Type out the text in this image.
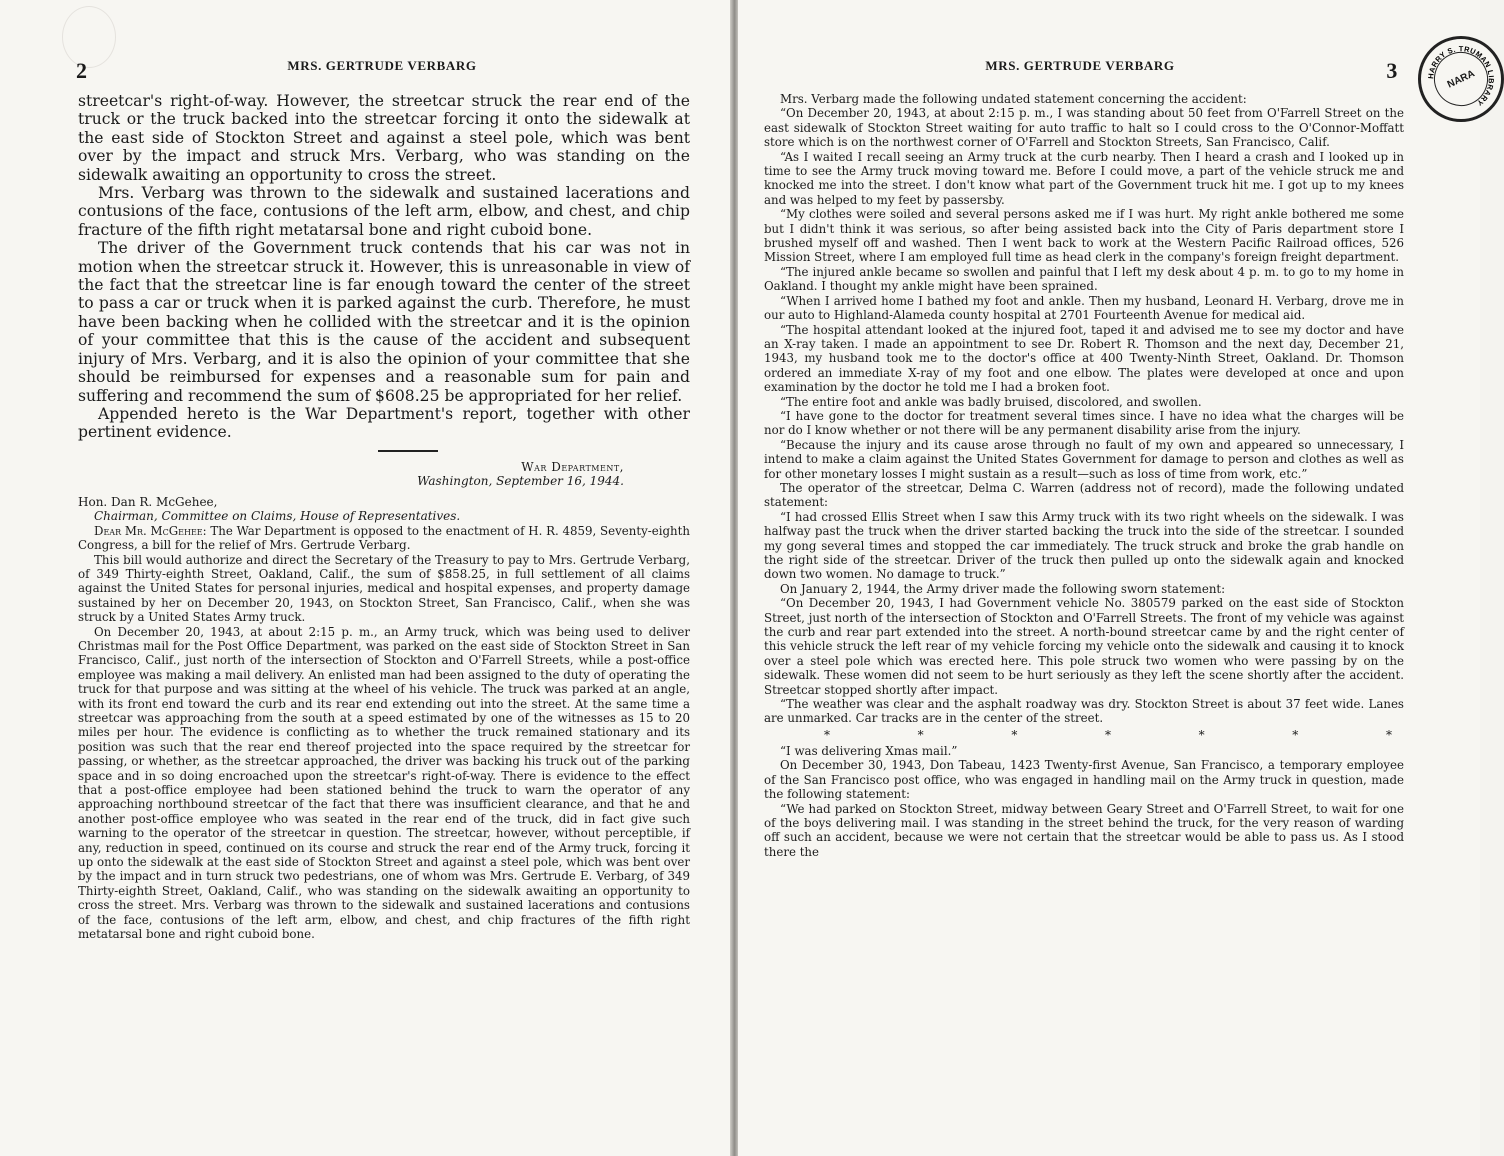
2	MRS. GERTRUDE VERBARG

streetcar's right-of-way. However, the streetcar struck the rear end of the truck or the truck backed into the streetcar forcing it onto the sidewalk at the east side of Stockton Street and against a steel pole, which was bent over by the impact and struck Mrs. Verbarg, who was standing on the sidewalk awaiting an opportunity to cross the street.

Mrs. Verbarg was thrown to the sidewalk and sustained lacerations and contusions of the face, contusions of the left arm, elbow, and chest, and chip fracture of the fifth right metatarsal bone and right cuboid bone.

The driver of the Government truck contends that his car was not in motion when the streetcar struck it. However, this is unreasonable in view of the fact that the streetcar line is far enough toward the center of the street to pass a car or truck when it is parked against the curb. Therefore, he must have been backing when he collided with the streetcar and it is the opinion of your committee that this is the cause of the accident and subsequent injury of Mrs. Verbarg, and it is also the opinion of your committee that she should be reimbursed for expenses and a reasonable sum for pain and suffering and recommend the sum of $608.25 be appropriated for her relief.

Appended hereto is the War Department's report, together with other pertinent evidence.

War Department,
Washington, September 16, 1944.
Hon. Dan R. McGehee,
Chairman, Committee on Claims, House of Representatives.

Dear Mr. McGehee: The War Department is opposed to the enactment of H. R. 4859, Seventy-eighth Congress, a bill for the relief of Mrs. Gertrude Verbarg.

This bill would authorize and direct the Secretary of the Treasury to pay to Mrs. Gertrude Verbarg, of 349 Thirty-eighth Street, Oakland, Calif., the sum of $858.25, in full settlement of all claims against the United States for personal injuries, medical and hospital expenses, and property damage sustained by her on December 20, 1943, on Stockton Street, San Francisco, Calif., when she was struck by a United States Army truck.

On December 20, 1943, at about 2:15 p. m., an Army truck, which was being used to deliver Christmas mail for the Post Office Department, was parked on the east side of Stockton Street in San Francisco, Calif., just north of the intersection of Stockton and O'Farrell Streets, while a post-office employee was making a mail delivery. An enlisted man had been assigned to the duty of operating the truck for that purpose and was sitting at the wheel of his vehicle. The truck was parked at an angle, with its front end toward the curb and its rear end extending out into the street. At the same time a streetcar was approaching from the south at a speed estimated by one of the witnesses as 15 to 20 miles per hour. The evidence is conflicting as to whether the truck remained stationary and its position was such that the rear end thereof projected into the space required by the streetcar for passing, or whether, as the streetcar approached, the driver was backing his truck out of the parking space and in so doing encroached upon the streetcar's right-of-way. There is evidence to the effect that a post-office employee had been stationed behind the truck to warn the operator of any approaching northbound streetcar of the fact that there was insufficient clearance, and that he and another post-office employee who was seated in the rear end of the truck, did in fact give such warning to the operator of the streetcar in question. The streetcar, however, without perceptible, if any, reduction in speed, continued on its course and struck the rear end of the Army truck, forcing it up onto the sidewalk at the east side of Stockton Street and against a steel pole, which was bent over by the impact and in turn struck two pedestrians, one of whom was Mrs. Gertrude E. Verbarg, of 349 Thirty-eighth Street, Oakland, Calif., who was standing on the sidewalk awaiting an opportunity to cross the street. Mrs. Verbarg was thrown to the sidewalk and sustained lacerations and contusions of the face, contusions of the left arm, elbow, and chest, and chip fractures of the fifth right metatarsal bone and right cuboid bone.

MRS. GERTRUDE VERBARG	3	HARRY S. TRUMAN LIBRARY
NARA

Mrs. Verbarg made the following undated statement concerning the accident:

“On December 20, 1943, at about 2:15 p. m., I was standing about 50 feet from O'Farrell Street on the east sidewalk of Stockton Street waiting for auto traffic to halt so I could cross to the O'Connor-Moffatt store which is on the northwest corner of O'Farrell and Stockton Streets, San Francisco, Calif.

“As I waited I recall seeing an Army truck at the curb nearby. Then I heard a crash and I looked up in time to see the Army truck moving toward me. Before I could move, a part of the vehicle struck me and knocked me into the street. I don't know what part of the Government truck hit me. I got up to my knees and was helped to my feet by passersby.

“My clothes were soiled and several persons asked me if I was hurt. My right ankle bothered me some but I didn't think it was serious, so after being assisted back into the City of Paris department store I brushed myself off and washed. Then I went back to work at the Western Pacific Railroad offices, 526 Mission Street, where I am employed full time as head clerk in the company's foreign freight department.

“The injured ankle became so swollen and painful that I left my desk about 4 p. m. to go to my home in Oakland. I thought my ankle might have been sprained.

“When I arrived home I bathed my foot and ankle. Then my husband, Leonard H. Verbarg, drove me in our auto to Highland-Alameda county hospital at 2701 Fourteenth Avenue for medical aid.

“The hospital attendant looked at the injured foot, taped it and advised me to see my doctor and have an X-ray taken. I made an appointment to see Dr. Robert R. Thomson and the next day, December 21, 1943, my husband took me to the doctor's office at 400 Twenty-Ninth Street, Oakland. Dr. Thomson ordered an immediate X-ray of my foot and one elbow. The plates were developed at once and upon examination by the doctor he told me I had a broken foot.

“The entire foot and ankle was badly bruised, discolored, and swollen.

“I have gone to the doctor for treatment several times since. I have no idea what the charges will be nor do I know whether or not there will be any permanent disability arise from the injury.

“Because the injury and its cause arose through no fault of my own and appeared so unnecessary, I intend to make a claim against the United States Government for damage to person and clothes as well as for other monetary losses I might sustain as a result—such as loss of time from work, etc.”

The operator of the streetcar, Delma C. Warren (address not of record), made the following undated statement:

“I had crossed Ellis Street when I saw this Army truck with its two right wheels on the sidewalk. I was halfway past the truck when the driver started backing the truck into the side of the streetcar. I sounded my gong several times and stopped the car immediately. The truck struck and broke the grab handle on the right side of the streetcar. Driver of the truck then pulled up onto the sidewalk again and knocked down two women. No damage to truck.”

On January 2, 1944, the Army driver made the following sworn statement:

“On December 20, 1943, I had Government vehicle No. 380579 parked on the east side of Stockton Street, just north of the intersection of Stockton and O'Farrell Streets. The front of my vehicle was against the curb and rear part extended into the street. A north-bound streetcar came by and the right center of this vehicle struck the left rear of my vehicle forcing my vehicle onto the sidewalk and causing it to knock over a steel pole which was erected here. This pole struck two women who were passing by on the sidewalk. These women did not seem to be hurt seriously as they left the scene shortly after the accident. Streetcar stopped shortly after impact.

“The weather was clear and the asphalt roadway was dry. Stockton Street is about 37 feet wide. Lanes are unmarked. Car tracks are in the center of the street.

*	*	*	*	*	*	*

“I was delivering Xmas mail.”

On December 30, 1943, Don Tabeau, 1423 Twenty-first Avenue, San Francisco, a temporary employee of the San Francisco post office, who was engaged in handling mail on the Army truck in question, made the following statement:

“We had parked on Stockton Street, midway between Geary Street and O'Farrell Street, to wait for one of the boys delivering mail. I was standing in the street behind the truck, for the very reason of warding off such an accident, because we were not certain that the streetcar would be able to pass us. As I stood there the
